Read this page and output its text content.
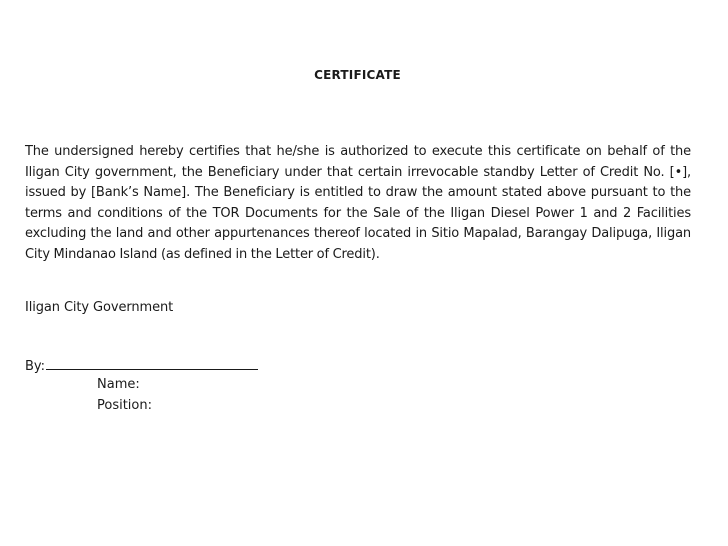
CERTIFICATE
The undersigned hereby certifies that he/she is authorized to execute this certificate on behalf of the Iligan City government, the Beneficiary under that certain irrevocable standby Letter of Credit No. [•], issued by [Bank’s Name]. The Beneficiary is entitled to draw the amount stated above pursuant to the terms and conditions of the TOR Documents for the Sale of the Iligan Diesel Power 1 and 2 Facilities excluding the land and other appurtenances thereof located in Sitio Mapalad, Barangay Dalipuga, Iligan City Mindanao Island (as defined in the Letter of Credit).
Iligan City Government
By:
Name:
Position:
